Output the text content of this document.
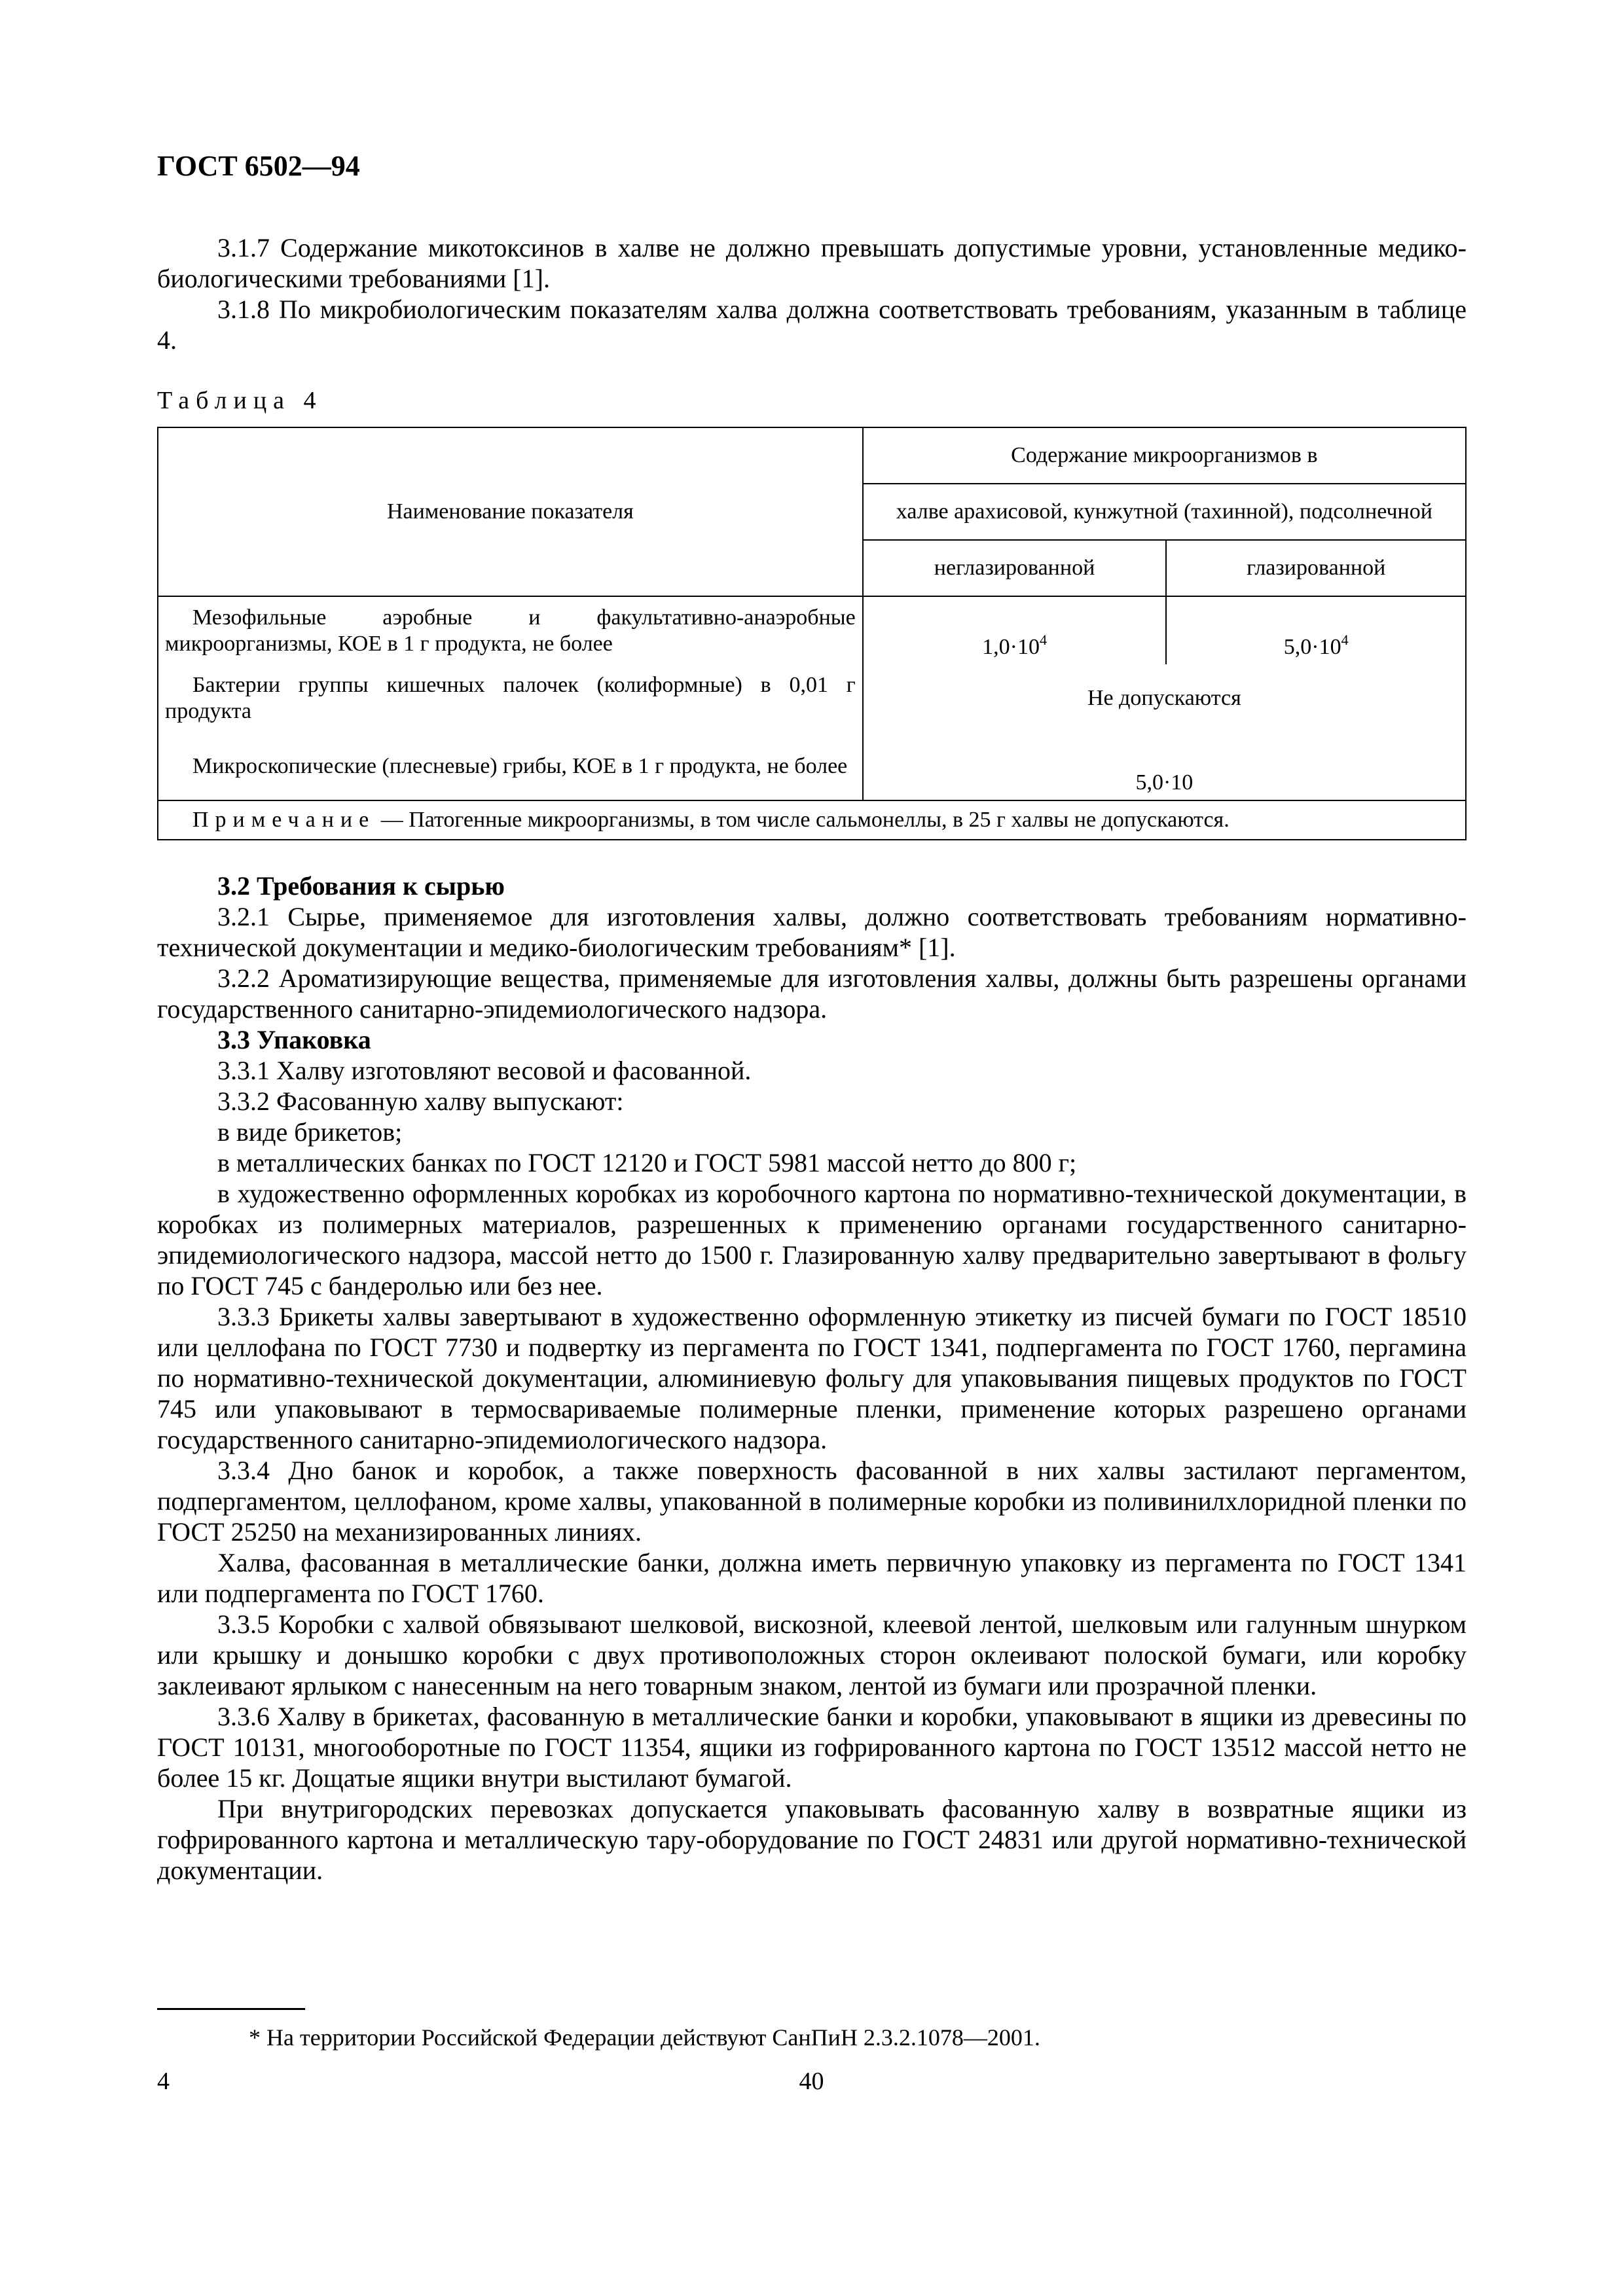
ГОСТ 6502—94

3.1.7 Содержание микотоксинов в халве не должно превышать допустимые уровни, установленные медико-биологическими требованиями [1].

3.1.8 По микробиологическим показателям халва должна соответствовать требованиям, указанным в таблице 4.

Таблица 4
Наименование показателя	Содержание микроорганизмов в	
	халве арахисовой, кунжутной (тахинной), подсолнечной	
	неглазированной	глазированной

Мезофильные аэробные и факультативно-анаэробные микроорганизмы, КОЕ в 1 г продукта, не более	$1,0\cdot 10^4$	$5,0\cdot 10^4$

Бактерии группы кишечных палочек (колиформные) в 0,01 г продукта	Не допускаются	

Микроскопические (плесневые) грибы, КОЕ в 1 г продукта, не более	5,0·10	
Примечание — Патогенные микроорганизмы, в том числе сальмонеллы, в 25 г халвы не допускаются.		

3.2 Требования к сырью

3.2.1 Сырье, применяемое для изготовления халвы, должно соответствовать требованиям нормативно-технической документации и медико-биологическим требованиям* [1].

3.2.2 Ароматизирующие вещества, применяемые для изготовления халвы, должны быть разрешены органами государственного санитарно-эпидемиологического надзора.

3.3 Упаковка

3.3.1 Халву изготовляют весовой и фасованной.

3.3.2 Фасованную халву выпускают:

в виде брикетов;

в металлических банках по ГОСТ 12120 и ГОСТ 5981 массой нетто до 800 г;

в художественно оформленных коробках из коробочного картона по нормативно-технической документации, в коробках из полимерных материалов, разрешенных к применению органами государственного санитарно-эпидемиологического надзора, массой нетто до 1500 г. Глазированную халву предварительно завертывают в фольгу по ГОСТ 745 с бандеролью или без нее.

3.3.3 Брикеты халвы завертывают в художественно оформленную этикетку из писчей бумаги по ГОСТ 18510 или целлофана по ГОСТ 7730 и подвертку из пергамента по ГОСТ 1341, подпергамента по ГОСТ 1760, пергамина по нормативно-технической документации, алюминиевую фольгу для упаковывания пищевых продуктов по ГОСТ 745 или упаковывают в термосвариваемые полимерные пленки, применение которых разрешено органами государственного санитарно-эпидемиологического надзора.

3.3.4 Дно банок и коробок, а также поверхность фасованной в них халвы застилают пергаментом, подпергаментом, целлофаном, кроме халвы, упакованной в полимерные коробки из поливинилхлоридной пленки по ГОСТ 25250 на механизированных линиях.

Халва, фасованная в металлические банки, должна иметь первичную упаковку из пергамента по ГОСТ 1341 или подпергамента по ГОСТ 1760.

3.3.5 Коробки с халвой обвязывают шелковой, вискозной, клеевой лентой, шелковым или галунным шнурком или крышку и донышко коробки с двух противоположных сторон оклеивают полоской бумаги, или коробку заклеивают ярлыком с нанесенным на него товарным знаком, лентой из бумаги или прозрачной пленки.

3.3.6 Халву в брикетах, фасованную в металлические банки и коробки, упаковывают в ящики из древесины по ГОСТ 10131, многооборотные по ГОСТ 11354, ящики из гофрированного картона по ГОСТ 13512 массой нетто не более 15 кг. Дощатые ящики внутри выстилают бумагой.

При внутригородских перевозках допускается упаковывать фасованную халву в возвратные ящики из гофрированного картона и металлическую тару-оборудование по ГОСТ 24831 или другой нормативно-технической документации.

* На территории Российской Федерации действуют СанПиН 2.3.2.1078—2001.
4	40
